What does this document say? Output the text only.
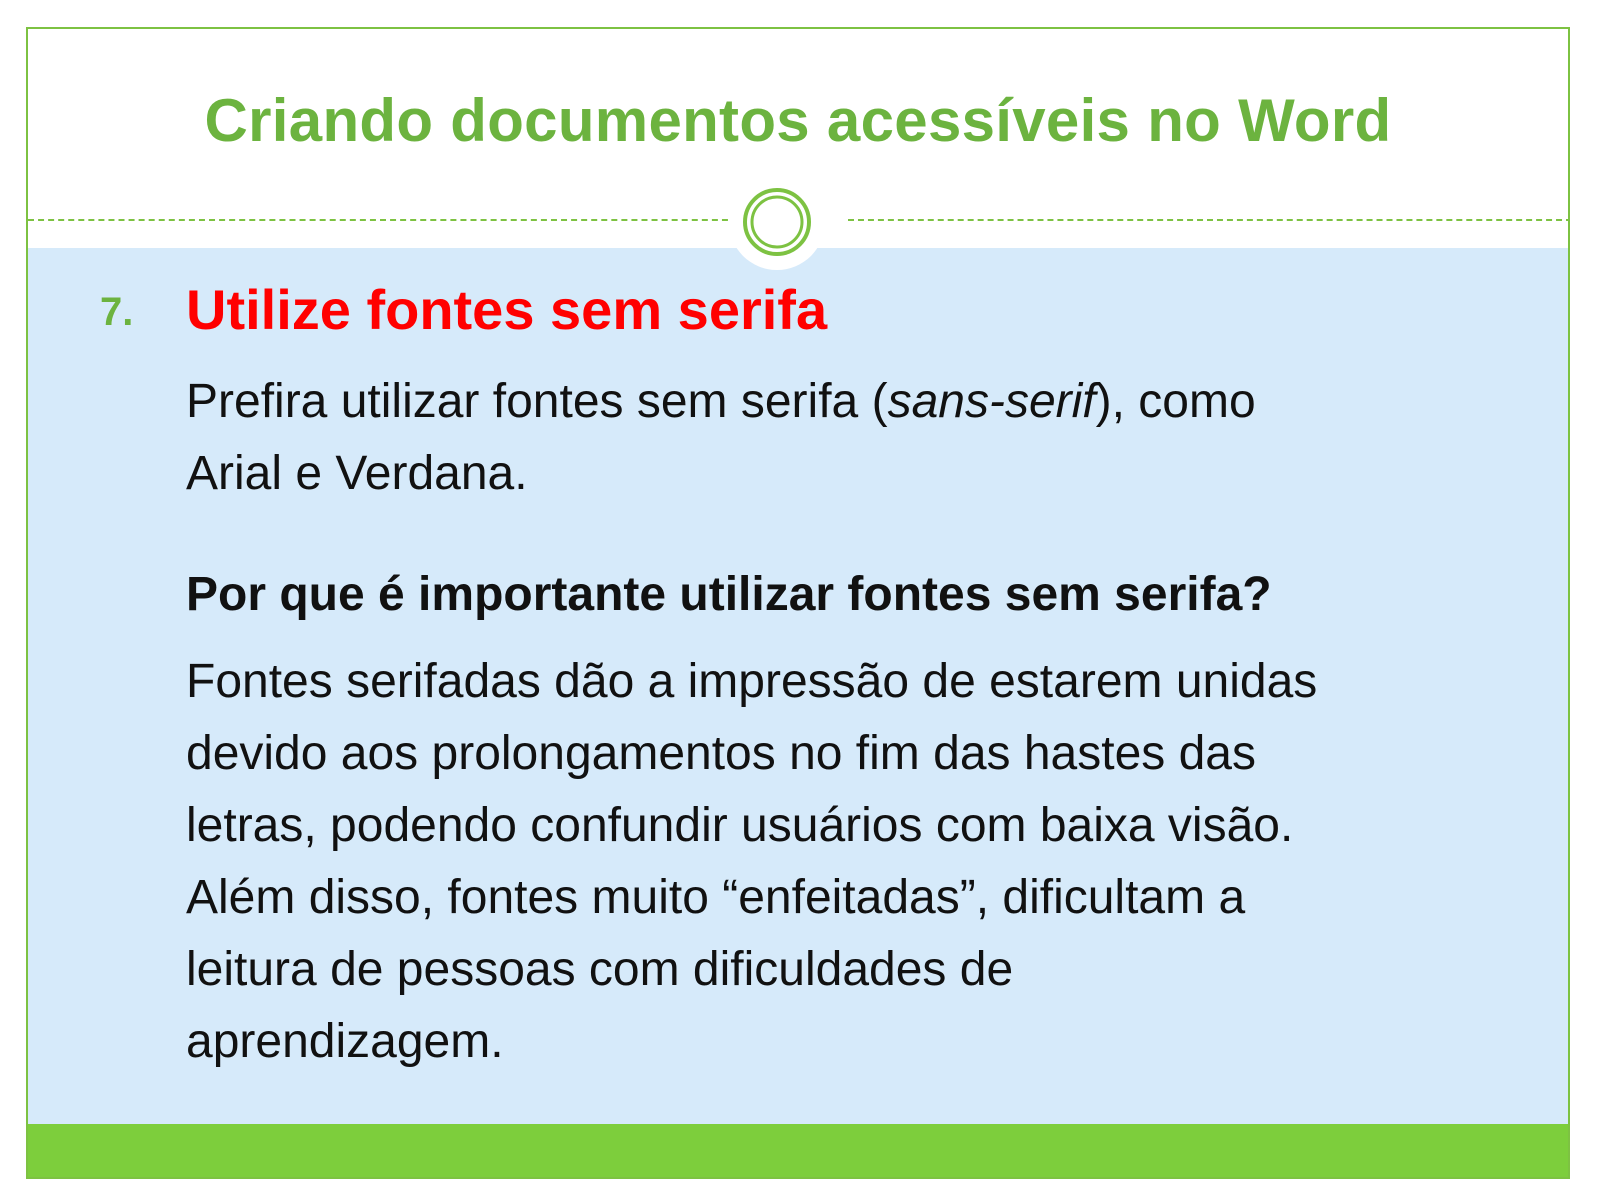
Criando documentos acessíveis no Word
7. Utilize fontes sem serifa
Prefira utilizar fontes sem serifa (sans-serif), como
Arial e Verdana.
Por que é importante utilizar fontes sem serifa?
Fontes serifadas dão a impressão de estarem unidas
devido aos prolongamentos no fim das hastes das
letras, podendo confundir usuários com baixa visão.
Além disso, fontes muito “enfeitadas”, dificultam a
leitura de pessoas com dificuldades de
aprendizagem.
